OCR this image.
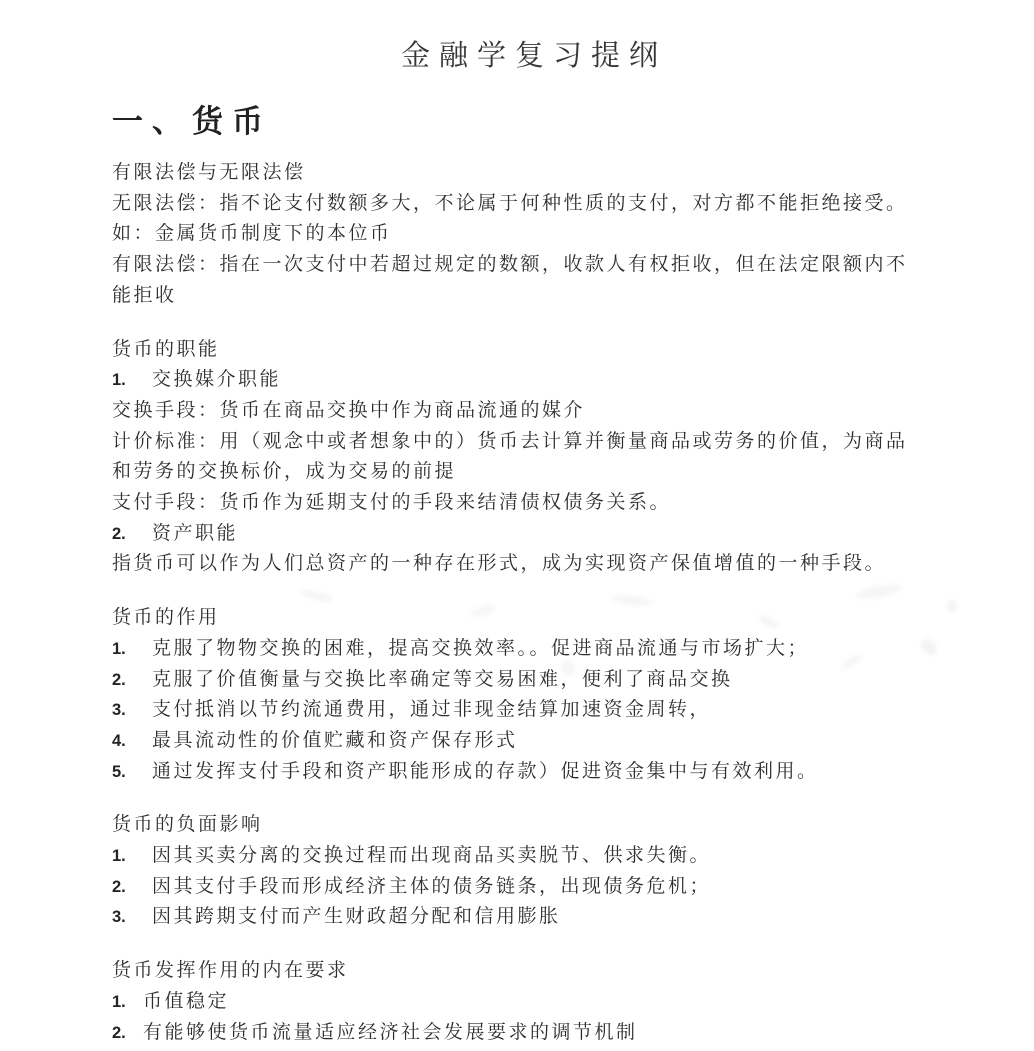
金融学复习提纲
一、货币
有限法偿与无限法偿
无限法偿：指不论支付数额多大，不论属于何种性质的支付，对方都不能拒绝接受。
如：金属货币制度下的本位币
有限法偿：指在一次支付中若超过规定的数额，收款人有权拒收，但在法定限额内不
能拒收
货币的职能
1.	交换媒介职能
交换手段：货币在商品交换中作为商品流通的媒介
计价标准：用（观念中或者想象中的）货币去计算并衡量商品或劳务的价值，为商品
和劳务的交换标价，成为交易的前提
支付手段：货币作为延期支付的手段来结清债权债务关系。
2.	资产职能
指货币可以作为人们总资产的一种存在形式，成为实现资产保值增值的一种手段。
货币的作用
1.	克服了物物交换的困难，提高交换效率。。促进商品流通与市场扩大；
2.	克服了价值衡量与交换比率确定等交易困难，便利了商品交换
3.	支付抵消以节约流通费用，通过非现金结算加速资金周转，
4.	最具流动性的价值贮藏和资产保存形式
5.	通过发挥支付手段和资产职能形成的存款）促进资金集中与有效利用。
货币的负面影响
1.	因其买卖分离的交换过程而出现商品买卖脱节、供求失衡。
2.	因其支付手段而形成经济主体的债务链条，出现债务危机；
3.	因其跨期支付而产生财政超分配和信用膨胀
货币发挥作用的内在要求
1. 币值稳定
2. 有能够使货币流量适应经济社会发展要求的调节机制
